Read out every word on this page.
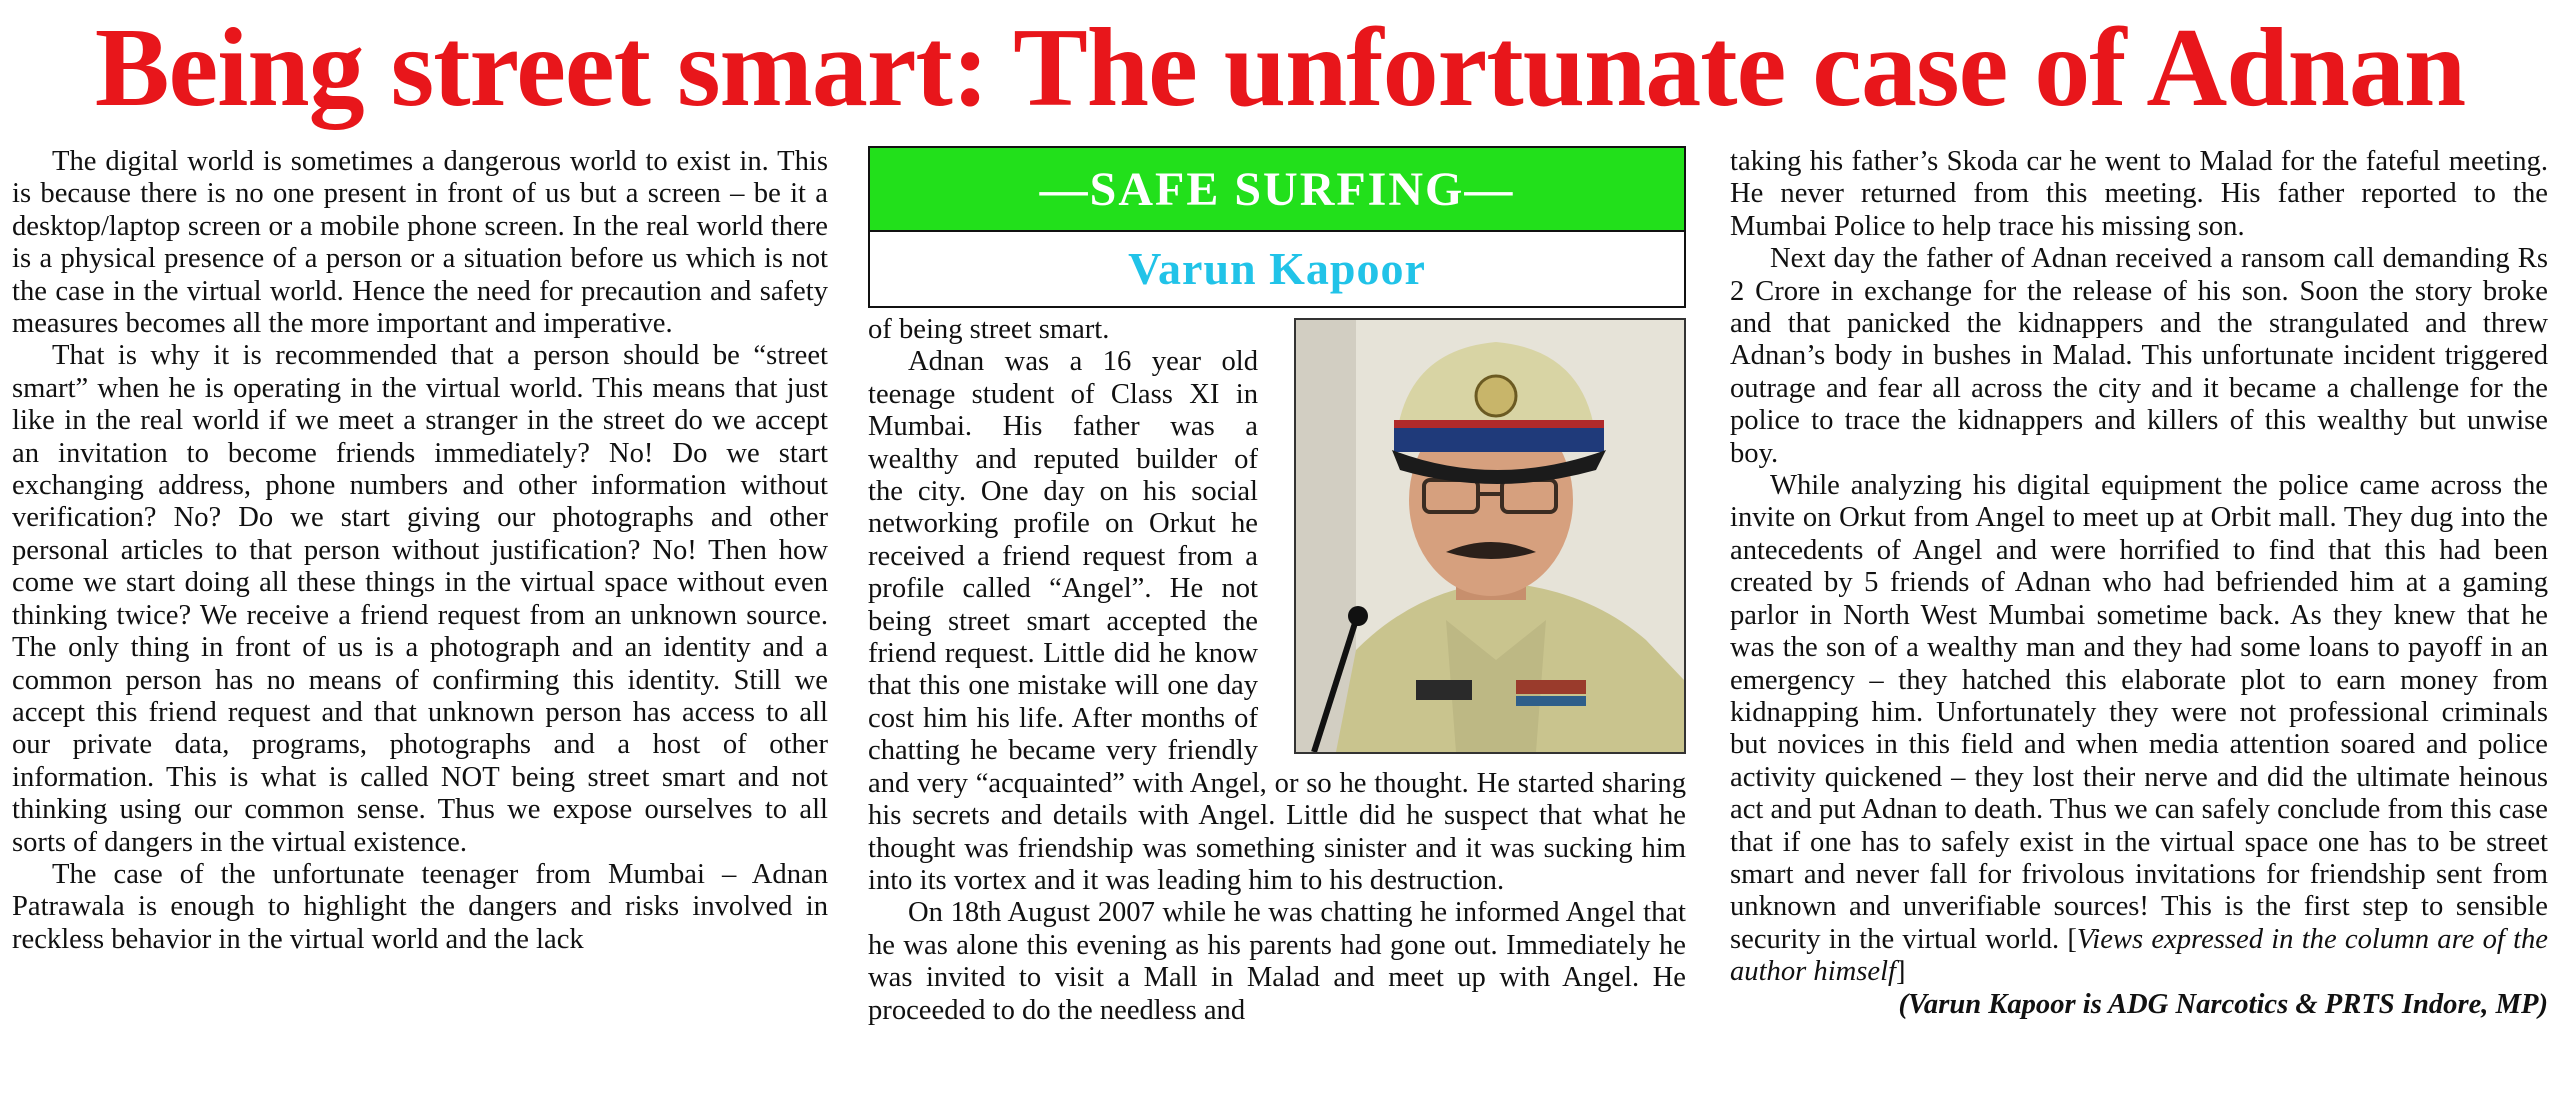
Being street smart: The unfortunate case of Adnan

The digital world is sometimes a dangerous world to exist in. This is because there is no one present in front of us but a screen – be it a desktop/laptop screen or a mobile phone screen. In the real world there is a physical presence of a person or a situation before us which is not the case in the virtual world. Hence the need for precaution and safety measures becomes all the more important and imperative.

That is why it is recommended that a person should be “street smart” when he is operating in the virtual world. This means that just like in the real world if we meet a stranger in the street do we accept an invitation to become friends immediately? No! Do we start exchanging address, phone numbers and other information without verification? No? Do we start giving our photographs and other personal articles to that person without justification? No! Then how come we start doing all these things in the virtual space without even thinking twice? We receive a friend request from an unknown source. The only thing in front of us is a photograph and an identity and a common person has no means of confirming this identity. Still we accept this friend request and that unknown person has access to all our private data, programs, photographs and a host of other information. This is what is called NOT being street smart and not thinking using our common sense. Thus we expose ourselves to all sorts of dangers in the virtual existence.

The case of the unfortunate teenager from Mumbai – Adnan Patrawala is enough to highlight the dangers and risks involved in reckless behavior in the virtual world and the lack

—SAFE SURFING—
Varun Kapoor

of being street smart.

Adnan was a 16 year old teenage student of Class XI in Mumbai. His father was a wealthy and reputed builder of the city. One day on his social networking profile on Orkut he received a friend request from a profile called “Angel”. He not being street smart accepted the friend request. Little did he know that this one mistake will one day cost him his life. After months of chatting he became very friendly and very “acquainted” with Angel, or so he thought. He started sharing his secrets and details with Angel. Little did he suspect that what he thought was friendship was something sinister and it was sucking him into its vortex and it was leading him to his destruction.

On 18th August 2007 while he was chatting he informed Angel that he was alone this evening as his parents had gone out. Immediately he was invited to visit a Mall in Malad and meet up with Angel. He proceeded to do the needless and

taking his father’s Skoda car he went to Malad for the fateful meeting. He never returned from this meeting. His father reported to the Mumbai Police to help trace his missing son.

Next day the father of Adnan received a ransom call demanding Rs 2 Crore in exchange for the release of his son. Soon the story broke and that panicked the kidnappers and the strangulated and threw Adnan’s body in bushes in Malad. This unfortunate incident triggered outrage and fear all across the city and it became a challenge for the police to trace the kidnappers and killers of this wealthy but unwise boy.

While analyzing his digital equipment the police came across the invite on Orkut from Angel to meet up at Orbit mall. They dug into the antecedents of Angel and were horrified to find that this had been created by 5 friends of Adnan who had befriended him at a gaming parlor in North West Mumbai sometime back. As they knew that he was the son of a wealthy man and they had some loans to payoff in an emergency – they hatched this elaborate plot to earn money from kidnapping him. Unfortunately they were not professional criminals but novices in this field and when media attention soared and police activity quickened – they lost their nerve and did the ultimate heinous act and put Adnan to death. Thus we can safely conclude from this case that if one has to safely exist in the virtual space one has to be street smart and never fall for frivolous invitations for friendship sent from unknown and unverifiable sources! This is the first step to sensible security in the virtual world. [Views expressed in the column are of the author himself]

(Varun Kapoor is ADG Narcotics & PRTS Indore, MP)
